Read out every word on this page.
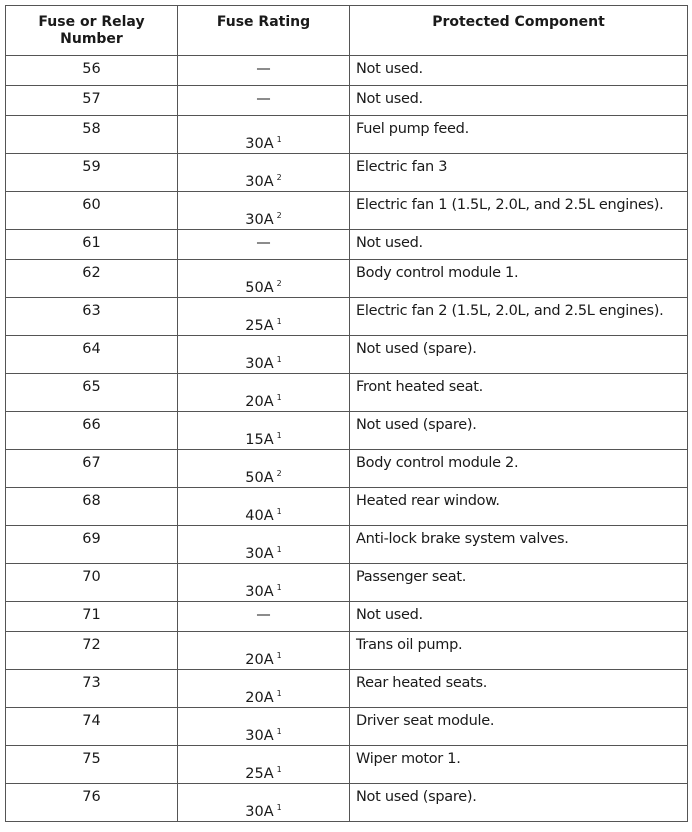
Fuse or Relay Number	Fuse Rating	Protected Component
56	—	Not used.
57	—	Not used.
58	30A $^1$	Fuel pump feed.
59	30A $^2$	Electric fan 3
60	30A $^2$	Electric fan 1 (1.5L, 2.0L, and 2.5L engines).
61	—	Not used.
62	50A $^2$	Body control module 1.
63	25A $^1$	Electric fan 2 (1.5L, 2.0L, and 2.5L engines).
64	30A $^1$	Not used (spare).
65	20A $^1$	Front heated seat.
66	15A $^1$	Not used (spare).
67	50A $^2$	Body control module 2.
68	40A $^1$	Heated rear window.
69	30A $^1$	Anti-lock brake system valves.
70	30A $^1$	Passenger seat.
71	—	Not used.
72	20A $^1$	Trans oil pump.
73	20A $^1$	Rear heated seats.
74	30A $^1$	Driver seat module.
75	25A $^1$	Wiper motor 1.
76	30A $^1$	Not used (spare).
